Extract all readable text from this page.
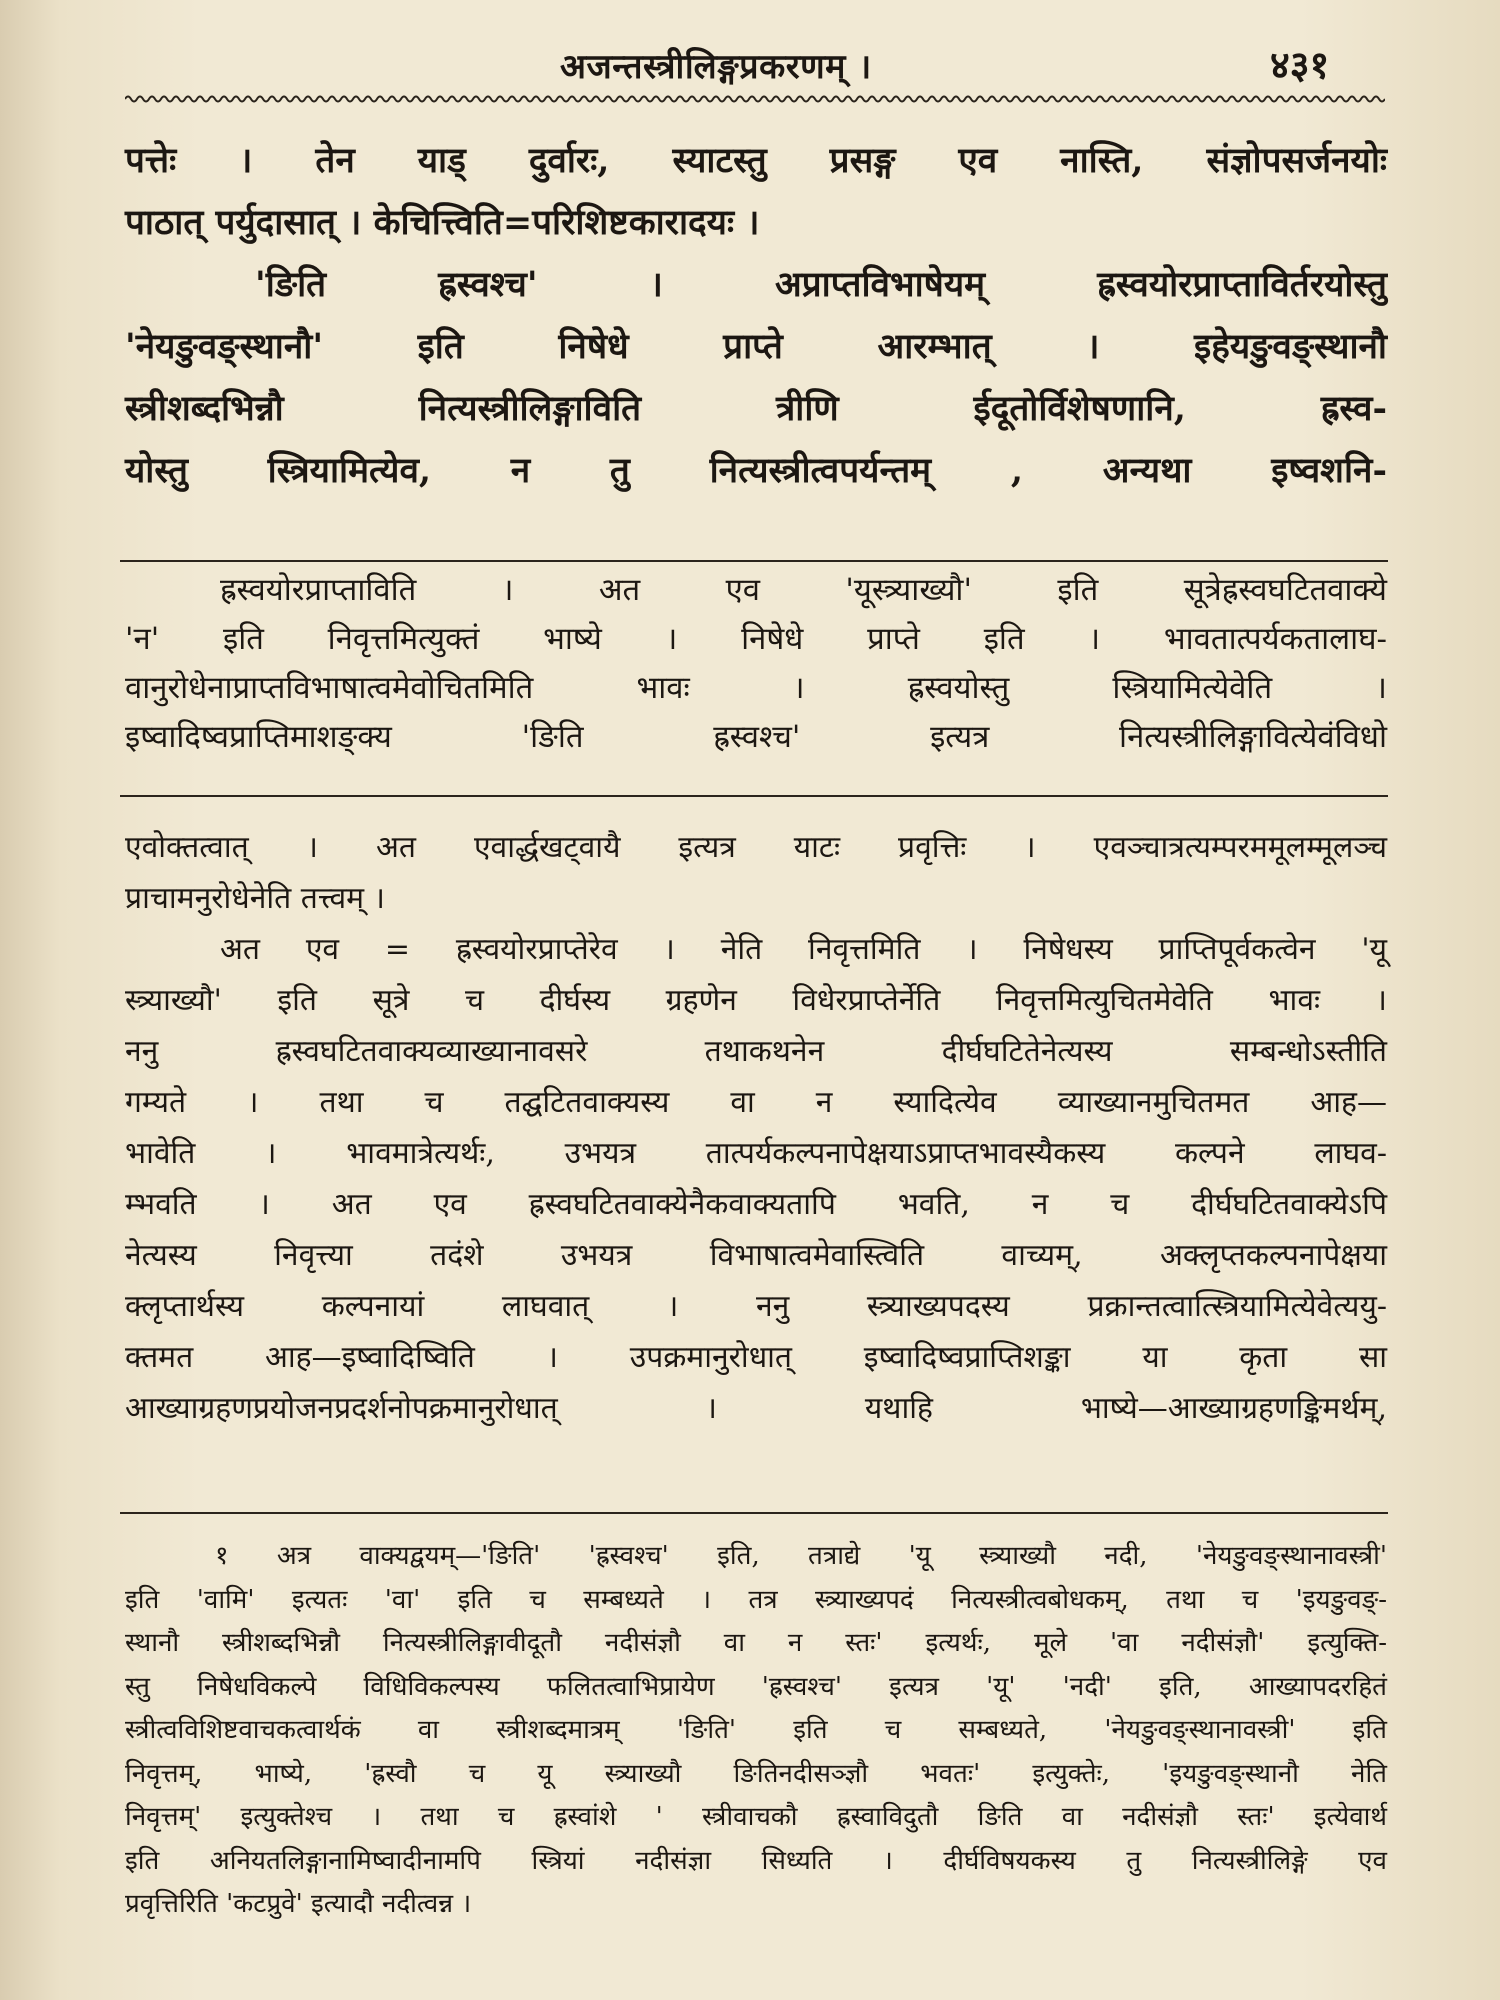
अजन्तस्त्रीलिङ्गप्रकरणम् ।	४३१

पत्तेः । तेन याड् दुर्वारः, स्याटस्तु प्रसङ्ग एव नास्ति, संज्ञोपसर्जनयोः

पाठात् पर्युदासात् । केचित्त्विति=परिशिष्टकारादयः ।

'ङिति ह्रस्वश्च' । अप्राप्तविभाषेयम् ह्रस्वयोरप्राप्ताविर्तरयोस्तु

'नेयङुवङ्स्थानौ' इति निषेधे प्राप्ते आरम्भात् । इहेयङुवङ्स्थानौ

स्त्रीशब्दभिन्नौ नित्यस्त्रीलिङ्गाविति त्रीणि ईदूतोर्विशेषणानि, ह्रस्व-

योस्तु स्त्रियामित्येव, न तु नित्यस्त्रीत्वपर्यन्तम् , अन्यथा इष्वशनि-

ह्रस्वयोरप्राप्ताविति । अत एव 'यूस्त्र्याख्यौ' इति सूत्रेह्रस्वघटितवाक्ये

'न' इति निवृत्तमित्युक्तं भाष्ये । निषेधे प्राप्ते इति । भावतात्पर्यकतालाघ-

वानुरोधेनाप्राप्तविभाषात्वमेवोचितमिति भावः । ह्रस्वयोस्तु स्त्रियामित्येवेति ।

इष्वादिष्वप्राप्तिमाशङ्क्य 'ङिति ह्रस्वश्च' इत्यत्र नित्यस्त्रीलिङ्गावित्येवंविधो

एवोक्तत्वात् । अत एवार्द्धखट्वायै इत्यत्र याटः प्रवृत्तिः । एवञ्चात्रत्यम्परममूलम्मूलञ्च

प्राचामनुरोधेनेति तत्त्वम् ।

अत एव = ह्रस्वयोरप्राप्तेरेव । नेति निवृत्तमिति । निषेधस्य प्राप्तिपूर्वकत्वेन 'यू

स्त्र्याख्यौ' इति सूत्रे च दीर्घस्य ग्रहणेन विधेरप्राप्तेर्नेति निवृत्तमित्युचितमेवेति भावः ।

ननु ह्रस्वघटितवाक्यव्याख्यानावसरे तथाकथनेन दीर्घघटितेनेत्यस्य सम्बन्धोऽस्तीति

गम्यते । तथा च तद्घटितवाक्यस्य वा न स्यादित्येव व्याख्यानमुचितमत आह—

भावेति । भावमात्रेत्यर्थः, उभयत्र तात्पर्यकल्पनापेक्षयाऽप्राप्तभावस्यैकस्य कल्पने लाघव-

म्भवति । अत एव ह्रस्वघटितवाक्येनैकवाक्यतापि भवति, न च दीर्घघटितवाक्येऽपि

नेत्यस्य निवृत्त्या तदंशे उभयत्र विभाषात्वमेवास्त्विति वाच्यम्, अक्लृप्तकल्पनापेक्षया

क्लृप्तार्थस्य कल्पनायां लाघवात् । ननु स्त्र्याख्यपदस्य प्रक्रान्तत्वात्स्त्रियामित्येवेत्ययु-

क्तमत आह—इष्वादिष्विति । उपक्रमानुरोधात् इष्वादिष्वप्राप्तिशङ्का या कृता सा

आख्याग्रहणप्रयोजनप्रदर्शनोपक्रमानुरोधात् । यथाहि भाष्ये—आख्याग्रहणङ्किमर्थम्,

१ अत्र वाक्यद्वयम्—'ङिति' 'ह्रस्वश्च' इति, तत्राद्ये 'यू स्त्र्याख्यौ नदी, 'नेयङुवङ्स्थानावस्त्री'

इति 'वामि' इत्यतः 'वा' इति च सम्बध्यते । तत्र स्त्र्याख्यपदं नित्यस्त्रीत्वबोधकम्, तथा च 'इयङुवङ्-

स्थानौ स्त्रीशब्दभिन्नौ नित्यस्त्रीलिङ्गावीदूतौ नदीसंज्ञौ वा न स्तः' इत्यर्थः, मूले 'वा नदीसंज्ञौ' इत्युक्ति-

स्तु निषेधविकल्पे विधिविकल्पस्य फलितत्वाभिप्रायेण 'ह्रस्वश्च' इत्यत्र 'यू' 'नदी' इति, आख्यापदरहितं

स्त्रीत्वविशिष्टवाचकत्वार्थकं वा स्त्रीशब्दमात्रम् 'ङिति' इति च सम्बध्यते, 'नेयङुवङ्स्थानावस्त्री' इति

निवृत्तम्, भाष्ये, 'ह्रस्वौ च यू स्त्र्याख्यौ ङितिनदीसञ्ज्ञौ भवतः' इत्युक्तेः, 'इयङुवङ्स्थानौ नेति

निवृत्तम्' इत्युक्तेश्च । तथा च ह्रस्वांशे ' स्त्रीवाचकौ ह्रस्वाविदुतौ ङिति वा नदीसंज्ञौ स्तः' इत्येवार्थ

इति अनियतलिङ्गानामिष्वादीनामपि स्त्रियां नदीसंज्ञा सिध्यति । दीर्घविषयकस्य तु नित्यस्त्रीलिङ्गे एव

प्रवृत्तिरिति 'कटप्रुवे' इत्यादौ नदीत्वन्न ।
